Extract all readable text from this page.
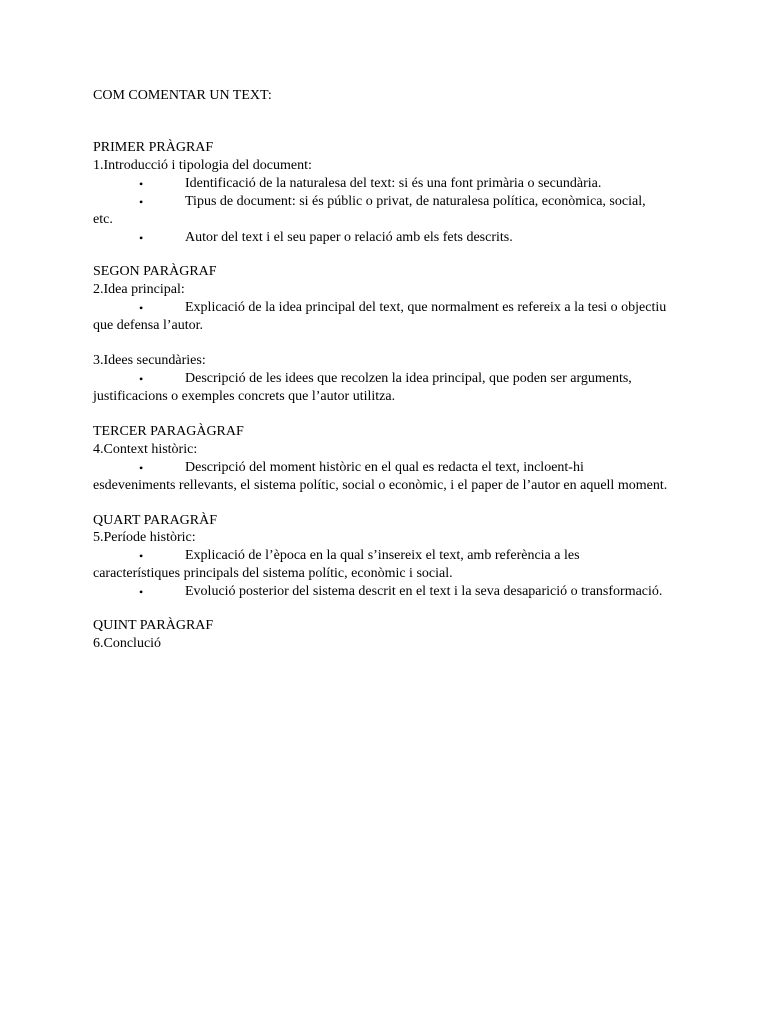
COM COMENTAR UN TEXT:
PRIMER PRÀGRAF
1.Introducció i tipologia del document:
•	Identificació de la naturalesa del text: si és una font primària o secundària.
•	Tipus de document: si és públic o privat, de naturalesa política, econòmica, social,
etc.
•	Autor del text i el seu paper o relació amb els fets descrits.
SEGON PARÀGRAF
2.Idea principal:
•	Explicació de la idea principal del text, que normalment es refereix a la tesi o objectiu
que defensa l’autor.
3.Idees secundàries:
•	Descripció de les idees que recolzen la idea principal, que poden ser arguments,
justificacions o exemples concrets que l’autor utilitza.
TERCER PARAGÀGRAF
4.Context històric:
•	Descripció del moment històric en el qual es redacta el text, incloent-hi
esdeveniments rellevants, el sistema polític, social o econòmic, i el paper de l’autor en aquell moment.
QUART PARAGRÀF
5.Període històric:
•	Explicació de l’època en la qual s’insereix el text, amb referència a les
característiques principals del sistema polític, econòmic i social.
•	Evolució posterior del sistema descrit en el text i la seva desaparició o transformació.
QUINT PARÀGRAF
6.Conclució
